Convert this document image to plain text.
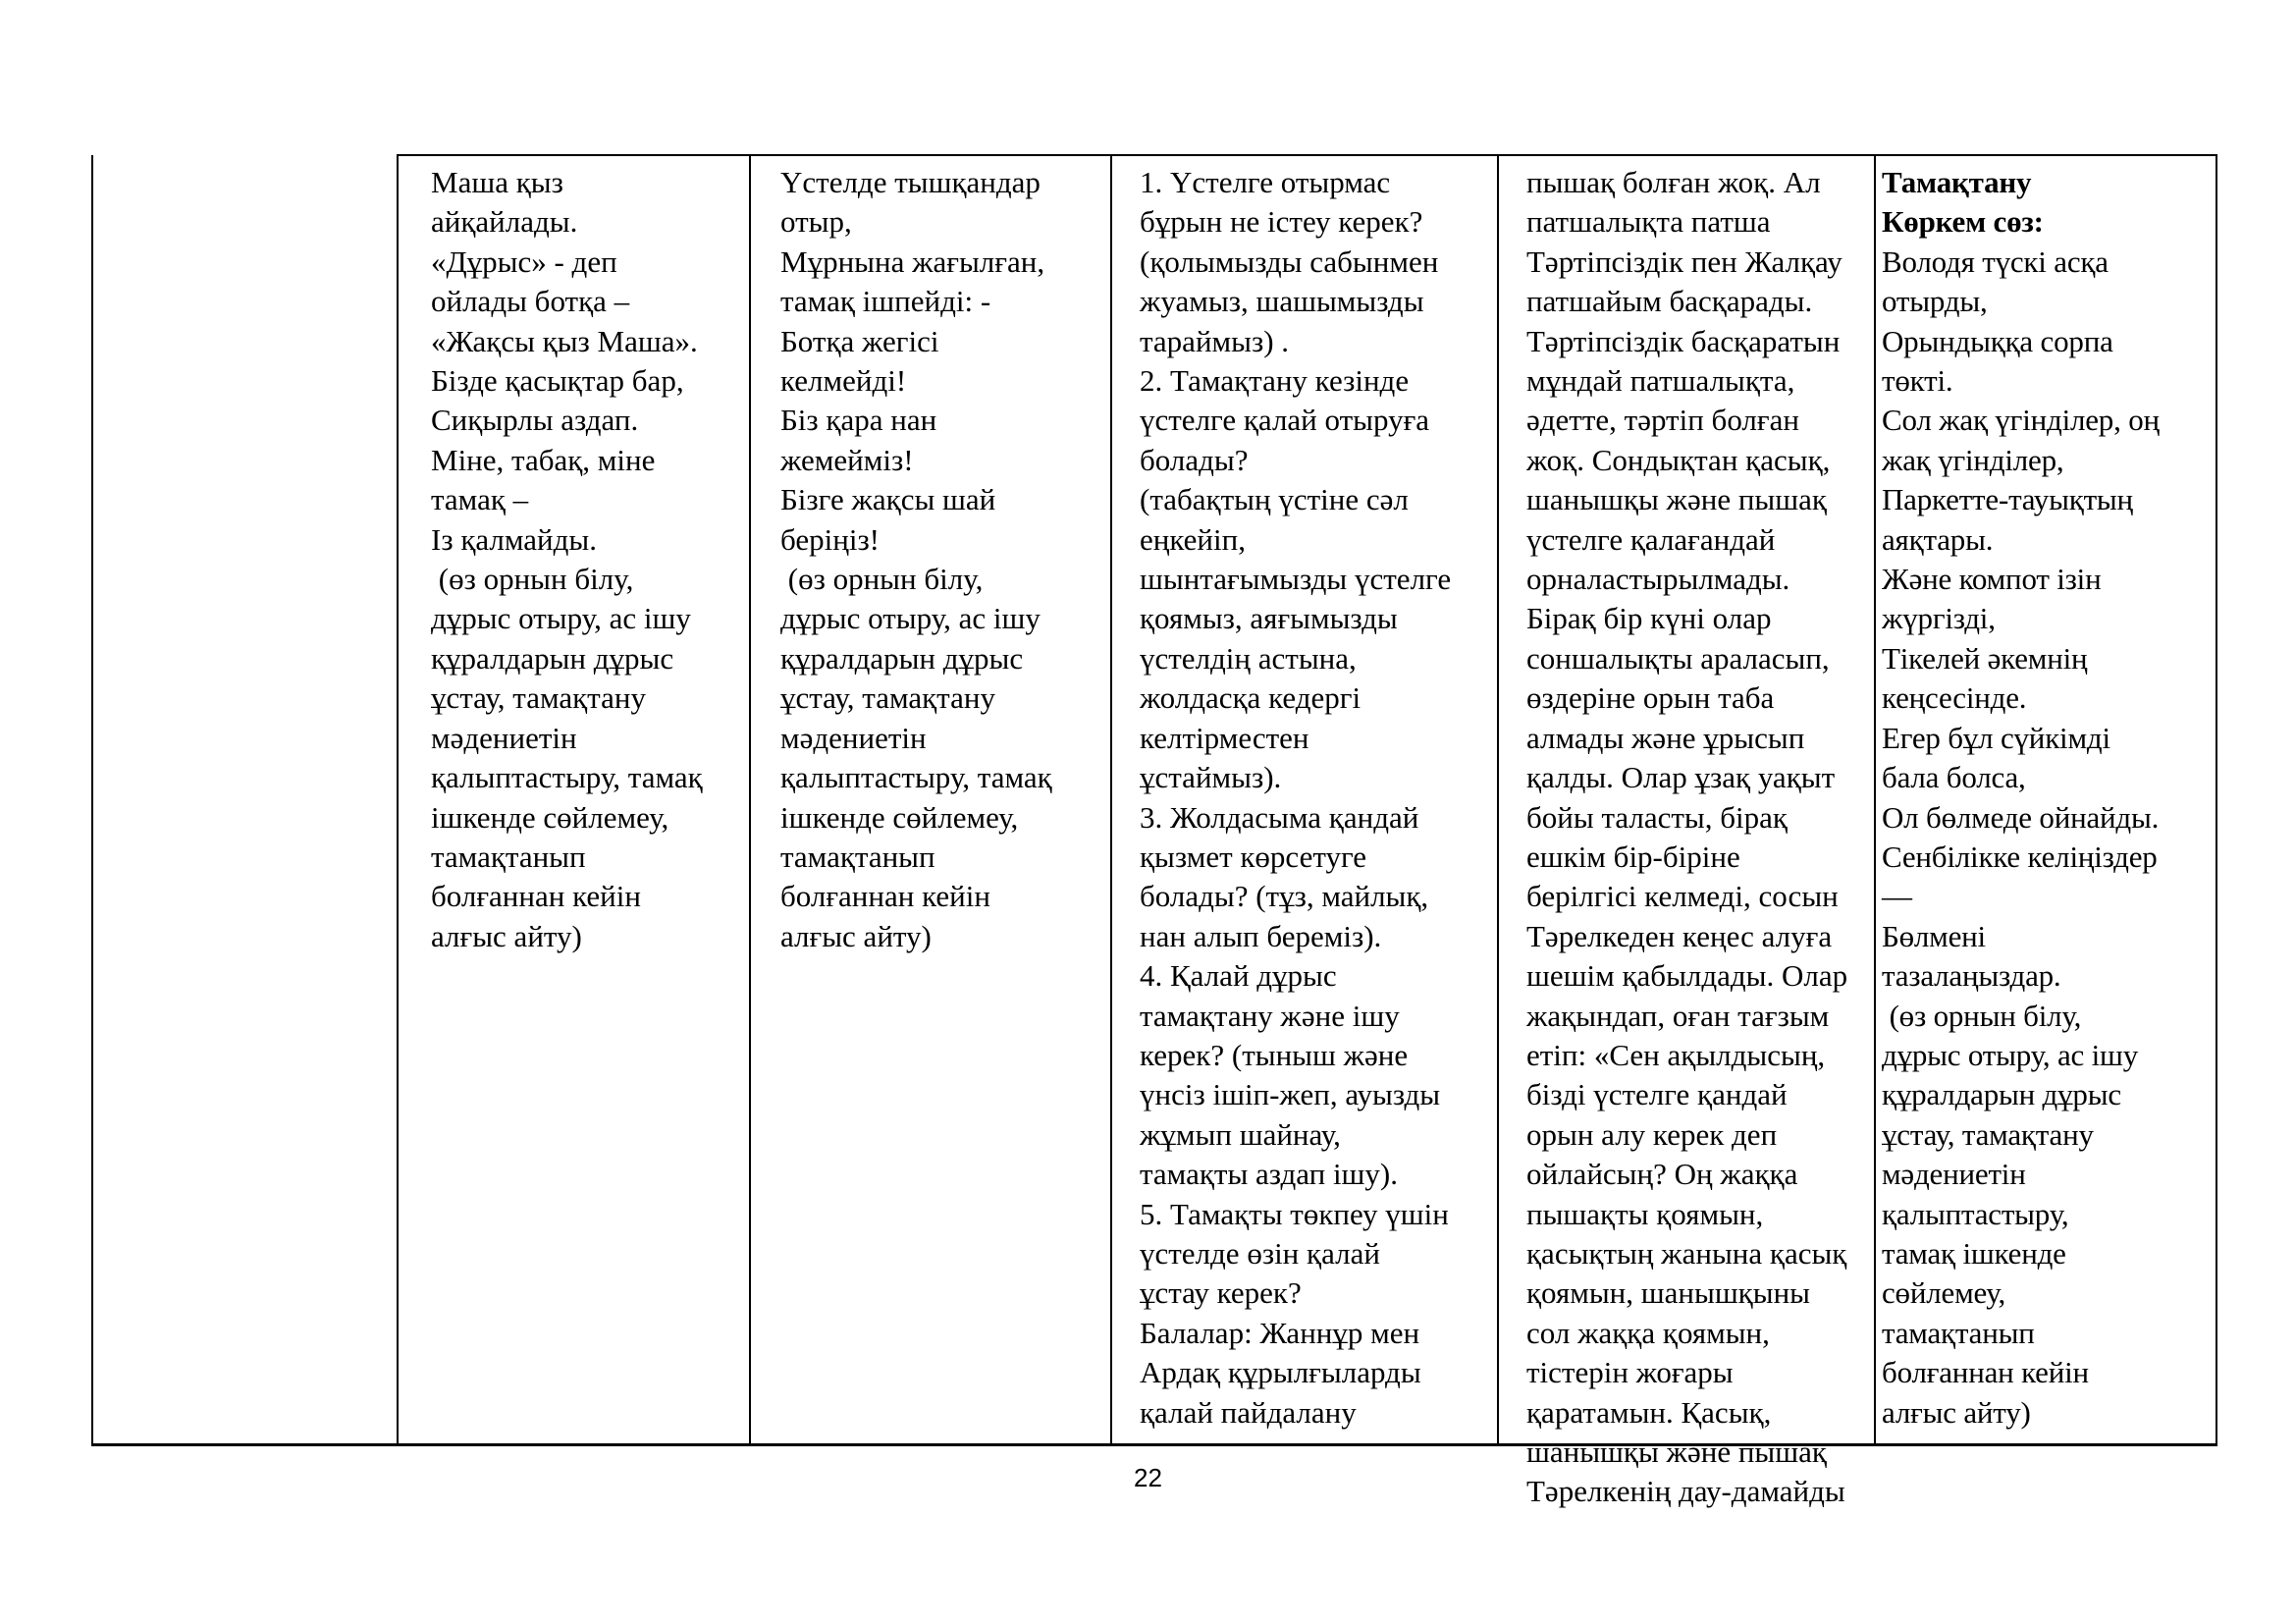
Маша қыз
айқайлады.
«Дұрыс» - деп
ойлады ботқа –
«Жақсы қыз Маша».
Бізде қасықтар бар,
Сиқырлы аздап.
Міне, табақ, міне
тамақ –
Із қалмайды.
(өз орнын білу,
дұрыс отыру, ас ішу
құралдарын дұрыс
ұстау, тамақтану
мәдениетін
қалыптастыру, тамақ
ішкенде сөйлемеу,
тамақтанып
болғаннан кейін
алғыс айту)

Үстелде тышқандар
отыр,
Мұрнына жағылған,
тамақ ішпейді: -
Ботқа жегісі
келмейді!
Біз қара нан
жемейміз!
Бізге жақсы шай
беріңіз!
(өз орнын білу,
дұрыс отыру, ас ішу
құралдарын дұрыс
ұстау, тамақтану
мәдениетін
қалыптастыру, тамақ
ішкенде сөйлемеу,
тамақтанып
болғаннан кейін
алғыс айту)

1. Үстелге отырмас
бұрын не істеу керек?
(қолымызды сабынмен
жуамыз, шашымызды
тараймыз) .
2. Тамақтану кезінде
үстелге қалай отыруға
болады?
(табақтың үстіне сәл
еңкейіп,
шынтағымызды үстелге
қоямыз, аяғымызды
үстелдің астына,
жолдасқа кедергі
келтірместен
ұстаймыз).
3. Жолдасыма қандай
қызмет көрсетуге
болады? (тұз, майлық,
нан алып береміз).
4. Қалай дұрыс
тамақтану және ішу
керек? (тыныш және
үнсіз ішіп-жеп, ауызды
жұмып шайнау,
тамақты аздап ішу).
5. Тамақты төкпеу үшін
үстелде өзін қалай
ұстау керек?
Балалар: Жаннұр мен
Ардақ құрылғыларды
қалай пайдалану

пышақ болған жоқ. Ал
патшалықта патша
Тәртіпсіздік пен Жалқау
патшайым басқарады.
Тәртіпсіздік басқаратын
мұндай патшалықта,
әдетте, тәртіп болған
жоқ. Сондықтан қасық,
шанышқы және пышақ
үстелге қалағандай
орналастырылмады.
Бірақ бір күні олар
соншалықты араласып,
өздеріне орын таба
алмады және ұрысып
қалды. Олар ұзақ уақыт
бойы таласты, бірақ
ешкім бір-біріне
берілгісі келмеді, сосын
Тәрелкеден кеңес алуға
шешім қабылдады. Олар
жақындап, оған тағзым
етіп: «Сен ақылдысың,
бізді үстелге қандай
орын алу керек деп
ойлайсың? Оң жаққа
пышақты қоямын,
қасықтың жанына қасық
қоямын, шанышқыны
сол жаққа қоямын,
тістерін жоғары
қаратамын. Қасық,
шанышқы және пышақ
Тәрелкенің дау-дамайды

Тамақтану
Көркем сөз:
Володя түскі асқа
отырды,
Орындыққа сорпа
төкті.
Сол жақ үгінділер, оң
жақ үгінділер,
Паркетте-тауықтың
аяқтары.
Және компот ізін
жүргізді,
Тікелей әкемнің
кеңсесінде.
Егер бұл сүйкімді
бала болса,
Ол бөлмеде ойнайды.
Сенбілікке келіңіздер
—
Бөлмені
тазалаңыздар.
(өз орнын білу,
дұрыс отыру, ас ішу
құралдарын дұрыс
ұстау, тамақтану
мәдениетін
қалыптастыру,
тамақ ішкенде
сөйлемеу,
тамақтанып
болғаннан кейін
алғыс айту)
22
